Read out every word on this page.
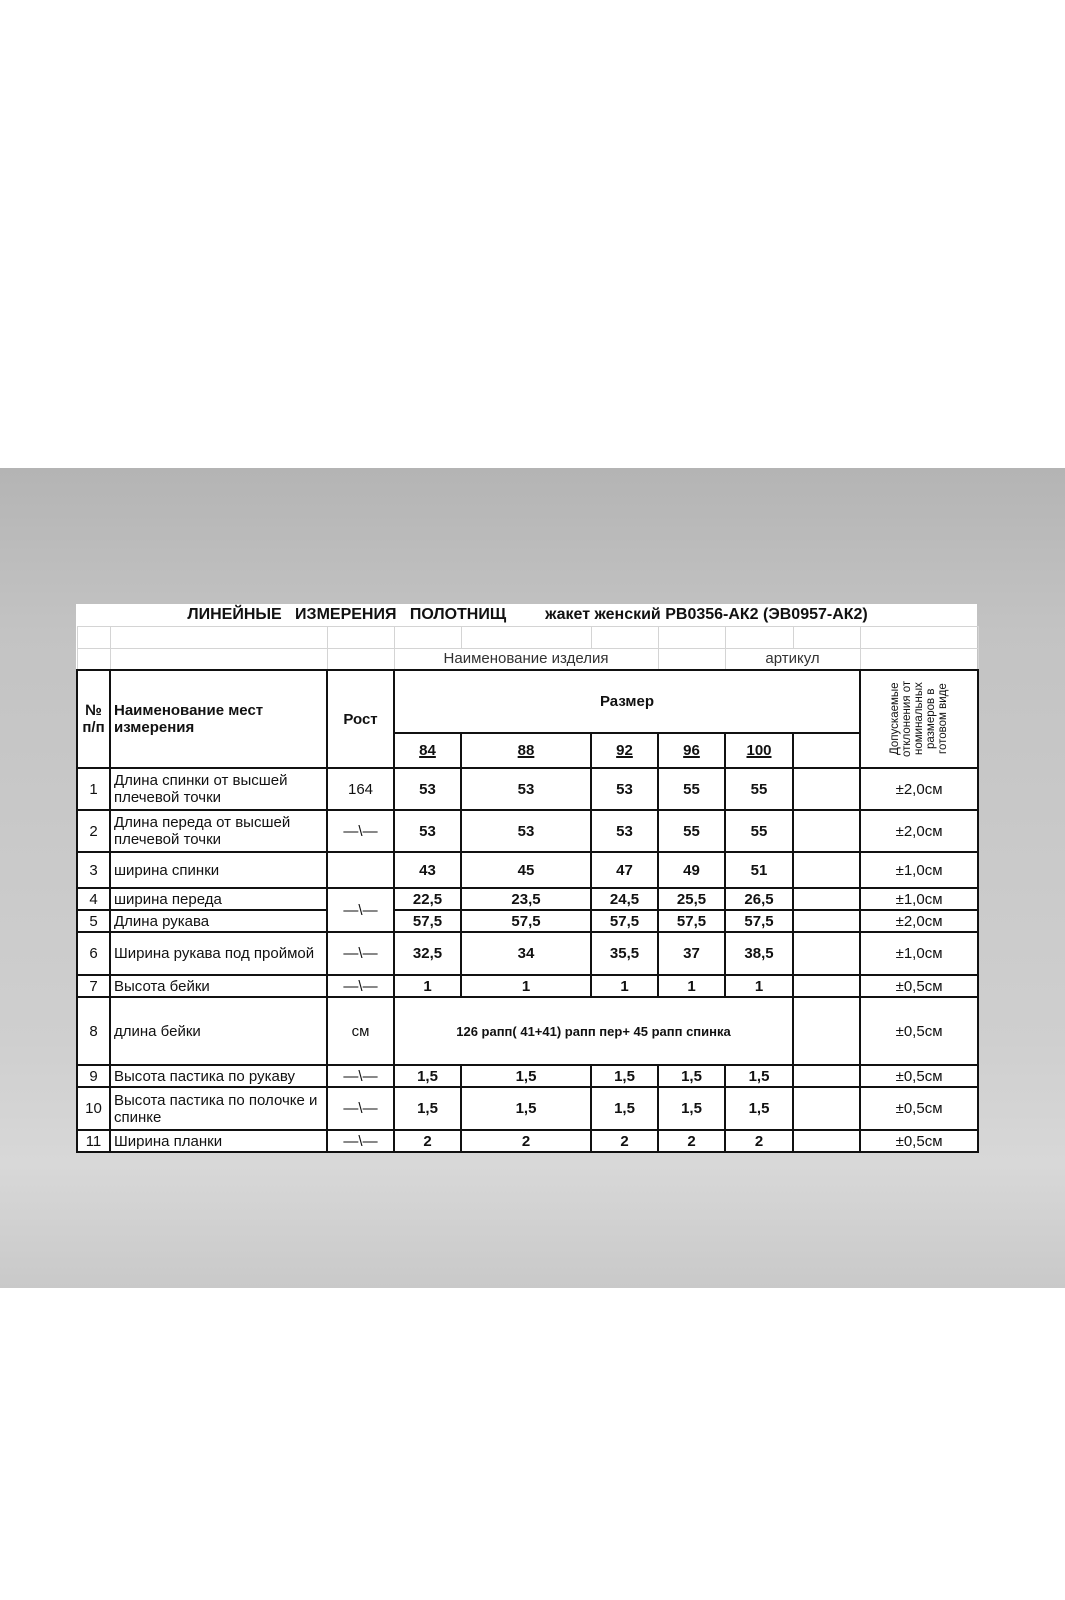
ЛИНЕЙНЫЕ   ИЗМЕРЕНИЯ   ПОЛОТНИЩ жакет женский РВ0356-АК2 (ЭВ0957-АК2)									

			Наименование изделия				артикул		
№ п/п	Наименование мест измерения	Рост	Размер						Допускаемые отклонения от номинальных размеров в готовом виде

			84	88	92	96	100		
1	Длина спинки от высшей плечевой точки	164	53	53	53	55	55		±2,0см
2	Длина переда от высшей плечевой точки	—\—	53	53	53	55	55		±2,0см
3	ширина спинки		43	45	47	49	51		±1,0см
4	ширина переда	—\—	22,5	23,5	24,5	25,5	26,5		±1,0см
5	Длина рукава		57,5	57,5	57,5	57,5	57,5		±2,0см
6	Ширина рукава под проймой	—\—	32,5	34	35,5	37	38,5		±1,0см
7	Высота бейки	—\—	1	1	1	1	1		±0,5см
8	длина бейки	см	126 рапп( 41+41) рапп пер+ 45 рапп спинка						±0,5см
9	Высота пастика по рукаву	—\—	1,5	1,5	1,5	1,5	1,5		±0,5см
10	Высота пастика по полочке и спинке	—\—	1,5	1,5	1,5	1,5	1,5		±0,5см
11	Ширина планки	—\—	2	2	2	2	2		±0,5см
